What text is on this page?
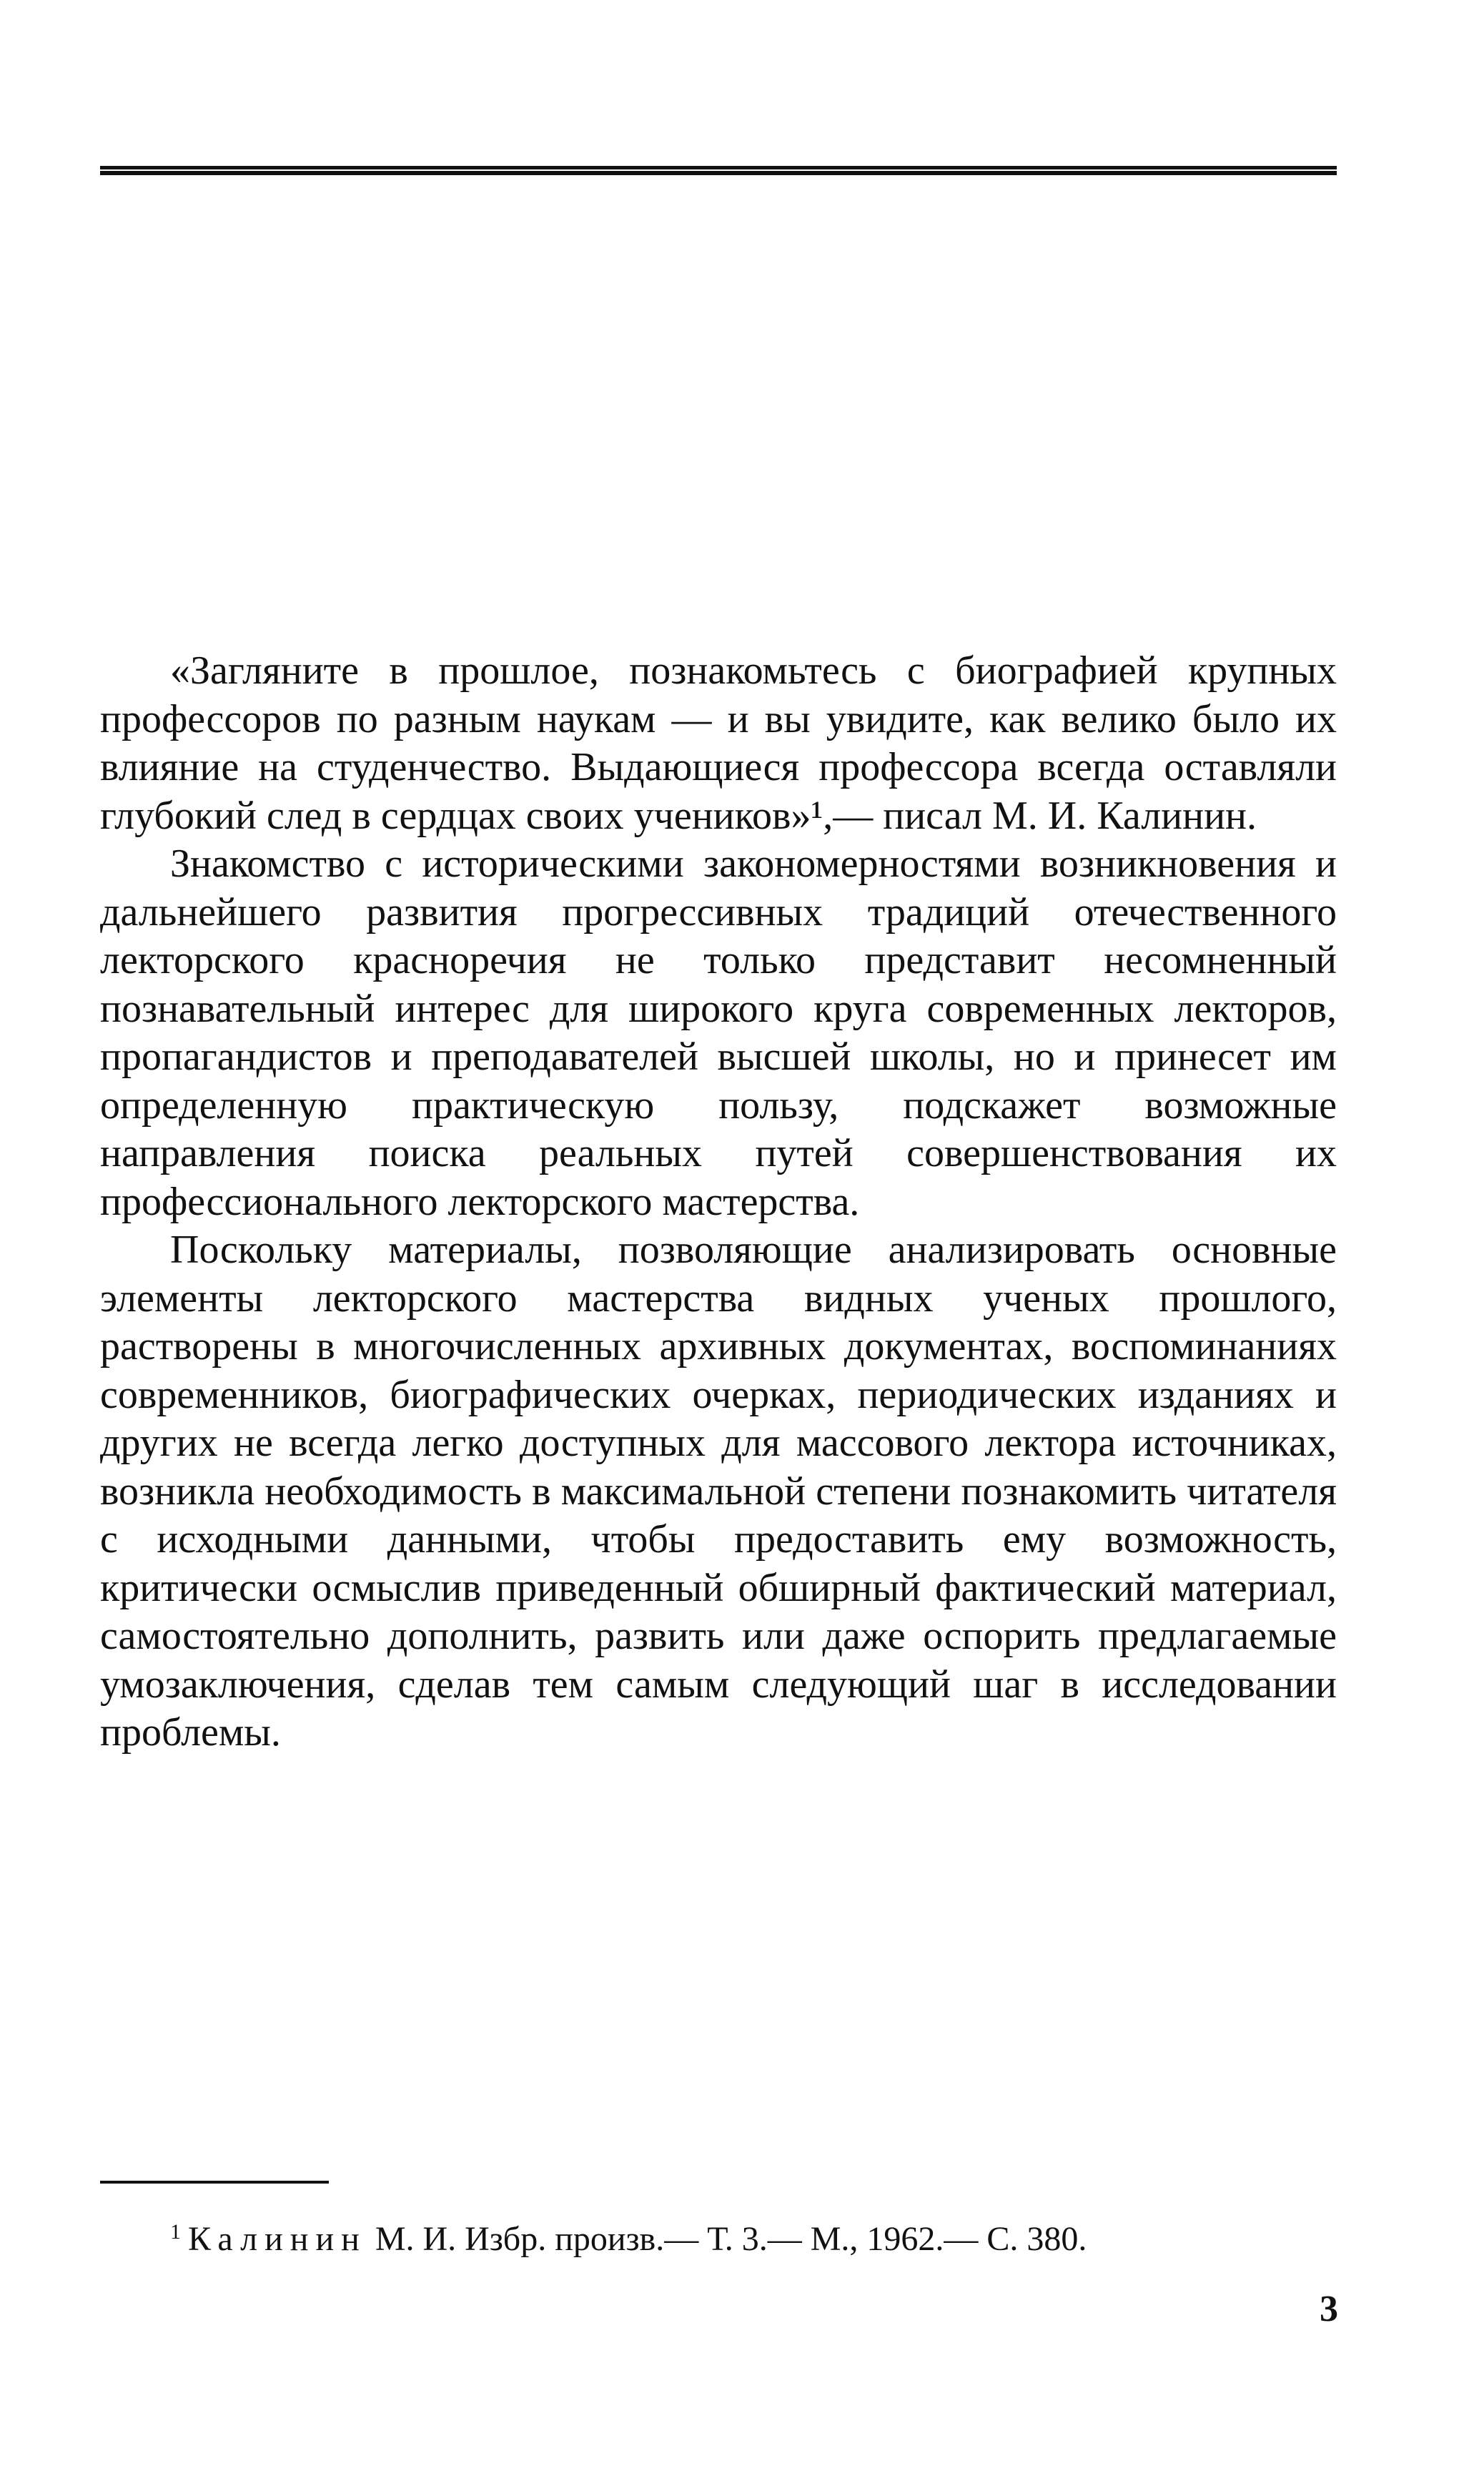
«Загляните в прошлое, познакомьтесь с биографией крупных профессоров по разным наукам — и вы увидите, как велико было их влияние на студенчество. Выдающиеся профессора всегда оставляли глубокий след в сердцах своих учеников»¹,— писал М. И. Калинин.

Знакомство с историческими закономерностями возникновения и дальнейшего развития прогрессивных традиций отечественного лекторского красноречия не только представит несомненный познавательный интерес для широкого круга современных лекторов, пропагандистов и преподавателей высшей школы, но и принесет им определенную практическую пользу, подскажет возможные направления поиска реальных путей совершенствования их профессионального лекторского мастерства.

Поскольку материалы, позволяющие анализировать основные элементы лекторского мастерства видных ученых прошлого, растворены в многочисленных архивных документах, воспоминаниях современников, биографических очерках, периодических изданиях и других не всегда легко доступных для массового лектора источниках, возникла необходимость в максимальной степени познакомить читателя с исходными данными, чтобы предоставить ему возможность, критически осмыслив приведенный обширный фактический материал, самостоятельно дополнить, развить или даже оспорить предлагаемые умозаключения, сделав тем самым следующий шаг в исследовании проблемы.

$^1$ Калинин М. И. Избр. произв.— Т. 3.— М., 1962.— С. 380.
3
